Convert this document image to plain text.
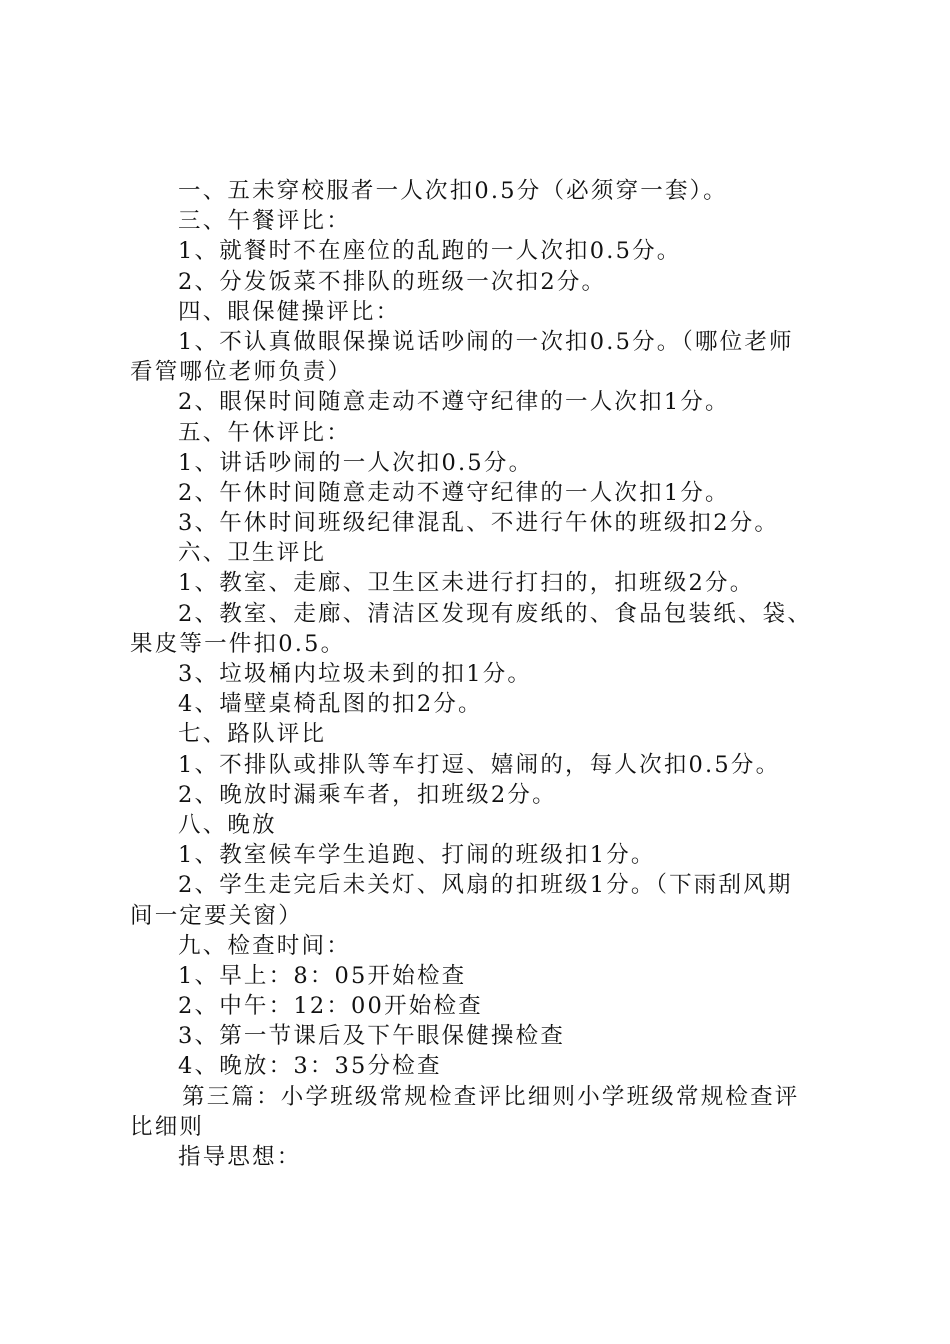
一、五未穿校服者一人次扣0.5分（必须穿一套）。
三、午餐评比：
1、就餐时不在座位的乱跑的一人次扣0.5分。
2、分发饭菜不排队的班级一次扣2分。
四、眼保健操评比：
1、不认真做眼保操说话吵闹的一次扣0.5分。（哪位老师
看管哪位老师负责）
2、眼保时间随意走动不遵守纪律的一人次扣1分。
五、午休评比：
1、讲话吵闹的一人次扣0.5分。
2、午休时间随意走动不遵守纪律的一人次扣1分。
3、午休时间班级纪律混乱、不进行午休的班级扣2分。
六、卫生评比
1、教室、走廊、卫生区未进行打扫的，扣班级2分。
2、教室、走廊、清洁区发现有废纸的、食品包装纸、袋、
果皮等一件扣0.5。
3、垃圾桶内垃圾未到的扣1分。
4、墙壁桌椅乱图的扣2分。
七、路队评比
1、不排队或排队等车打逗、嬉闹的，每人次扣0.5分。
2、晚放时漏乘车者，扣班级2分。
八、晚放
1、教室候车学生追跑、打闹的班级扣1分。
2、学生走完后未关灯、风扇的扣班级1分。（下雨刮风期
间一定要关窗）
九、检查时间：
1、早上：8：05开始检查
2、中午：12：00开始检查
3、第一节课后及下午眼保健操检查
4、晚放：3：35分检查
第三篇：小学班级常规检查评比细则小学班级常规检查评
比细则
指导思想：
